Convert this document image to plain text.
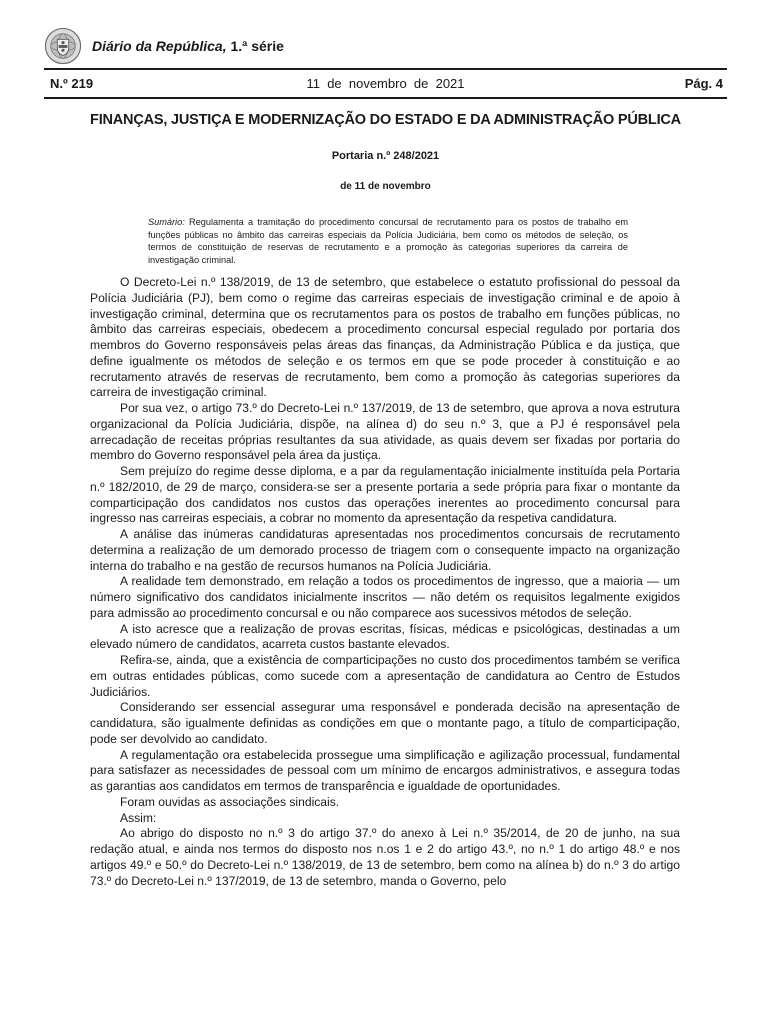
Diário da República, 1.ª série
N.º 219	11  de  novembro  de  2021	Pág. 4
FINANÇAS, JUSTIÇA E MODERNIZAÇÃO DO ESTADO E DA ADMINISTRAÇÃO PÚBLICA
Portaria n.º 248/2021
de 11 de novembro
Sumário: Regulamenta a tramitação do procedimento concursal de recrutamento para os postos de trabalho em funções públicas no âmbito das carreiras especiais da Polícia Judiciária, bem como os métodos de seleção, os termos de constituição de reservas de recrutamento e a promoção às categorias superiores da carreira de investigação criminal.

O Decreto-Lei n.º 138/2019, de 13 de setembro, que estabelece o estatuto profissional do pessoal da Polícia Judiciária (PJ), bem como o regime das carreiras especiais de investigação criminal e de apoio à investigação criminal, determina que os recrutamentos para os postos de trabalho em funções públicas, no âmbito das carreiras especiais, obedecem a procedimento concursal especial regulado por portaria dos membros do Governo responsáveis pelas áreas das finanças, da Administração Pública e da justiça, que define igualmente os métodos de seleção e os termos em que se pode proceder à constituição e ao recrutamento através de reservas de recrutamento, bem como a promoção às categorias superiores da carreira de investigação criminal.

Por sua vez, o artigo 73.º do Decreto-Lei n.º 137/2019, de 13 de setembro, que aprova a nova estrutura organizacional da Polícia Judiciária, dispõe, na alínea d) do seu n.º 3, que a PJ é responsável pela arrecadação de receitas próprias resultantes da sua atividade, as quais devem ser fixadas por portaria do membro do Governo responsável pela área da justiça.

Sem prejuízo do regime desse diploma, e a par da regulamentação inicialmente instituída pela Portaria n.º 182/2010, de 29 de março, considera-se ser a presente portaria a sede própria para fixar o montante da comparticipação dos candidatos nos custos das operações inerentes ao procedimento concursal para ingresso nas carreiras especiais, a cobrar no momento da apresentação da respetiva candidatura.

A análise das inúmeras candidaturas apresentadas nos procedimentos concursais de recrutamento determina a realização de um demorado processo de triagem com o consequente impacto na organização interna do trabalho e na gestão de recursos humanos na Polícia Judiciária.

A realidade tem demonstrado, em relação a todos os procedimentos de ingresso, que a maioria — um número significativo dos candidatos inicialmente inscritos — não detém os requisitos legalmente exigidos para admissão ao procedimento concursal e ou não comparece aos sucessivos métodos de seleção.

A isto acresce que a realização de provas escritas, físicas, médicas e psicológicas, destinadas a um elevado número de candidatos, acarreta custos bastante elevados.

Refira-se, ainda, que a existência de comparticipações no custo dos procedimentos também se verifica em outras entidades públicas, como sucede com a apresentação de candidatura ao Centro de Estudos Judiciários.

Considerando ser essencial assegurar uma responsável e ponderada decisão na apresentação de candidatura, são igualmente definidas as condições em que o montante pago, a título de comparticipação, pode ser devolvido ao candidato.

A regulamentação ora estabelecida prossegue uma simplificação e agilização processual, fundamental para satisfazer as necessidades de pessoal com um mínimo de encargos administrativos, e assegura todas as garantias aos candidatos em termos de transparência e igualdade de oportunidades.

Foram ouvidas as associações sindicais.

Assim:

Ao abrigo do disposto no n.º 3 do artigo 37.º do anexo à Lei n.º 35/2014, de 20 de junho, na sua redação atual, e ainda nos termos do disposto nos n.os 1 e 2 do artigo 43.º, no n.º 1 do artigo 48.º e nos artigos 49.º e 50.º do Decreto-Lei n.º 138/2019, de 13 de setembro, bem como na alínea b) do n.º 3 do artigo 73.º do Decreto-Lei n.º 137/2019, de 13 de setembro, manda o Governo, pelo
